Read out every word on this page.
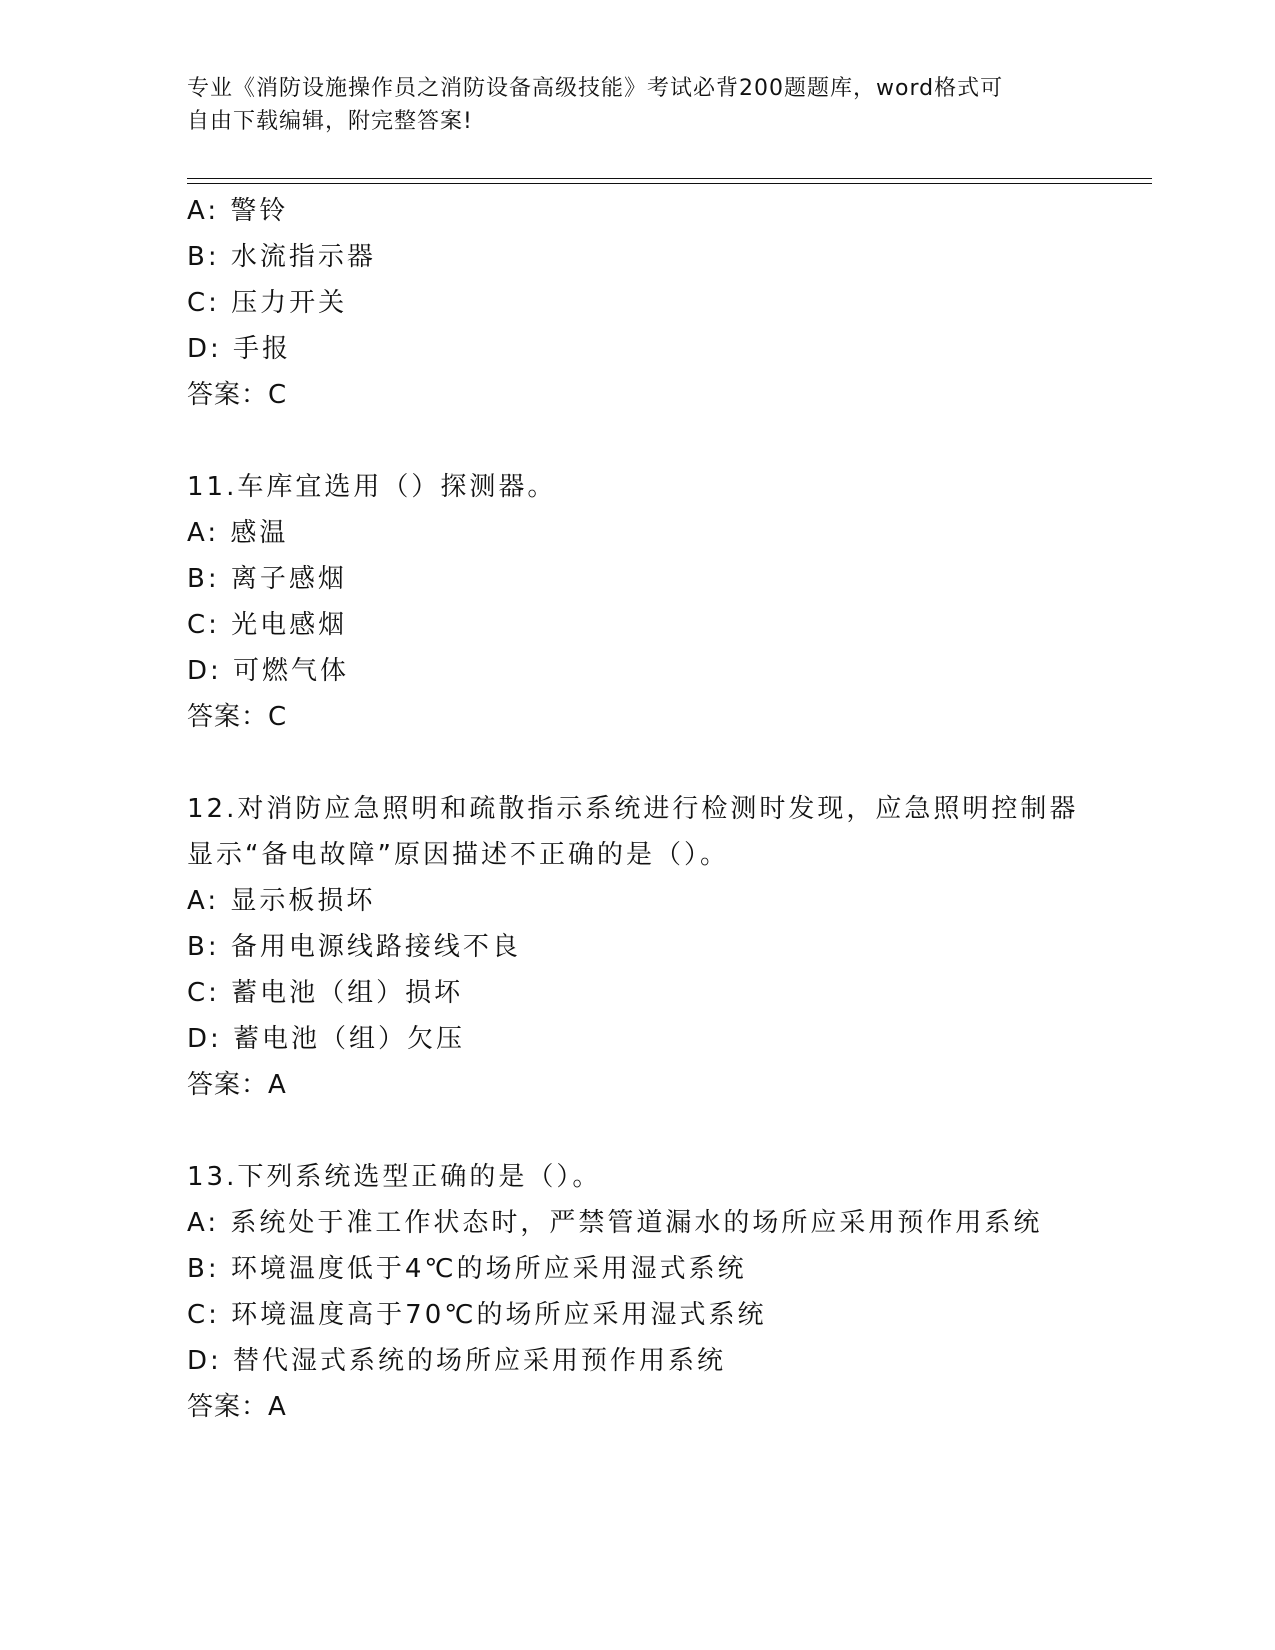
专业《消防设施操作员之消防设备高级技能》考试必背200题题库，word格式可
自由下载编辑，附完整答案!
A: 警铃
B: 水流指示器
C: 压力开关
D: 手报
答案：C
11.车库宜选用（）探测器。
A: 感温
B: 离子感烟
C: 光电感烟
D: 可燃气体
答案：C
12.对消防应急照明和疏散指示系统进行检测时发现，应急照明控制器
显示“备电故障”原因描述不正确的是（）。
A: 显示板损坏
B: 备用电源线路接线不良
C: 蓄电池（组）损坏
D: 蓄电池（组）欠压
答案：A
13.下列系统选型正确的是（）。
A: 系统处于准工作状态时，严禁管道漏水的场所应采用预作用系统
B: 环境温度低于4℃的场所应采用湿式系统
C: 环境温度高于70℃的场所应采用湿式系统
D: 替代湿式系统的场所应采用预作用系统
答案：A
